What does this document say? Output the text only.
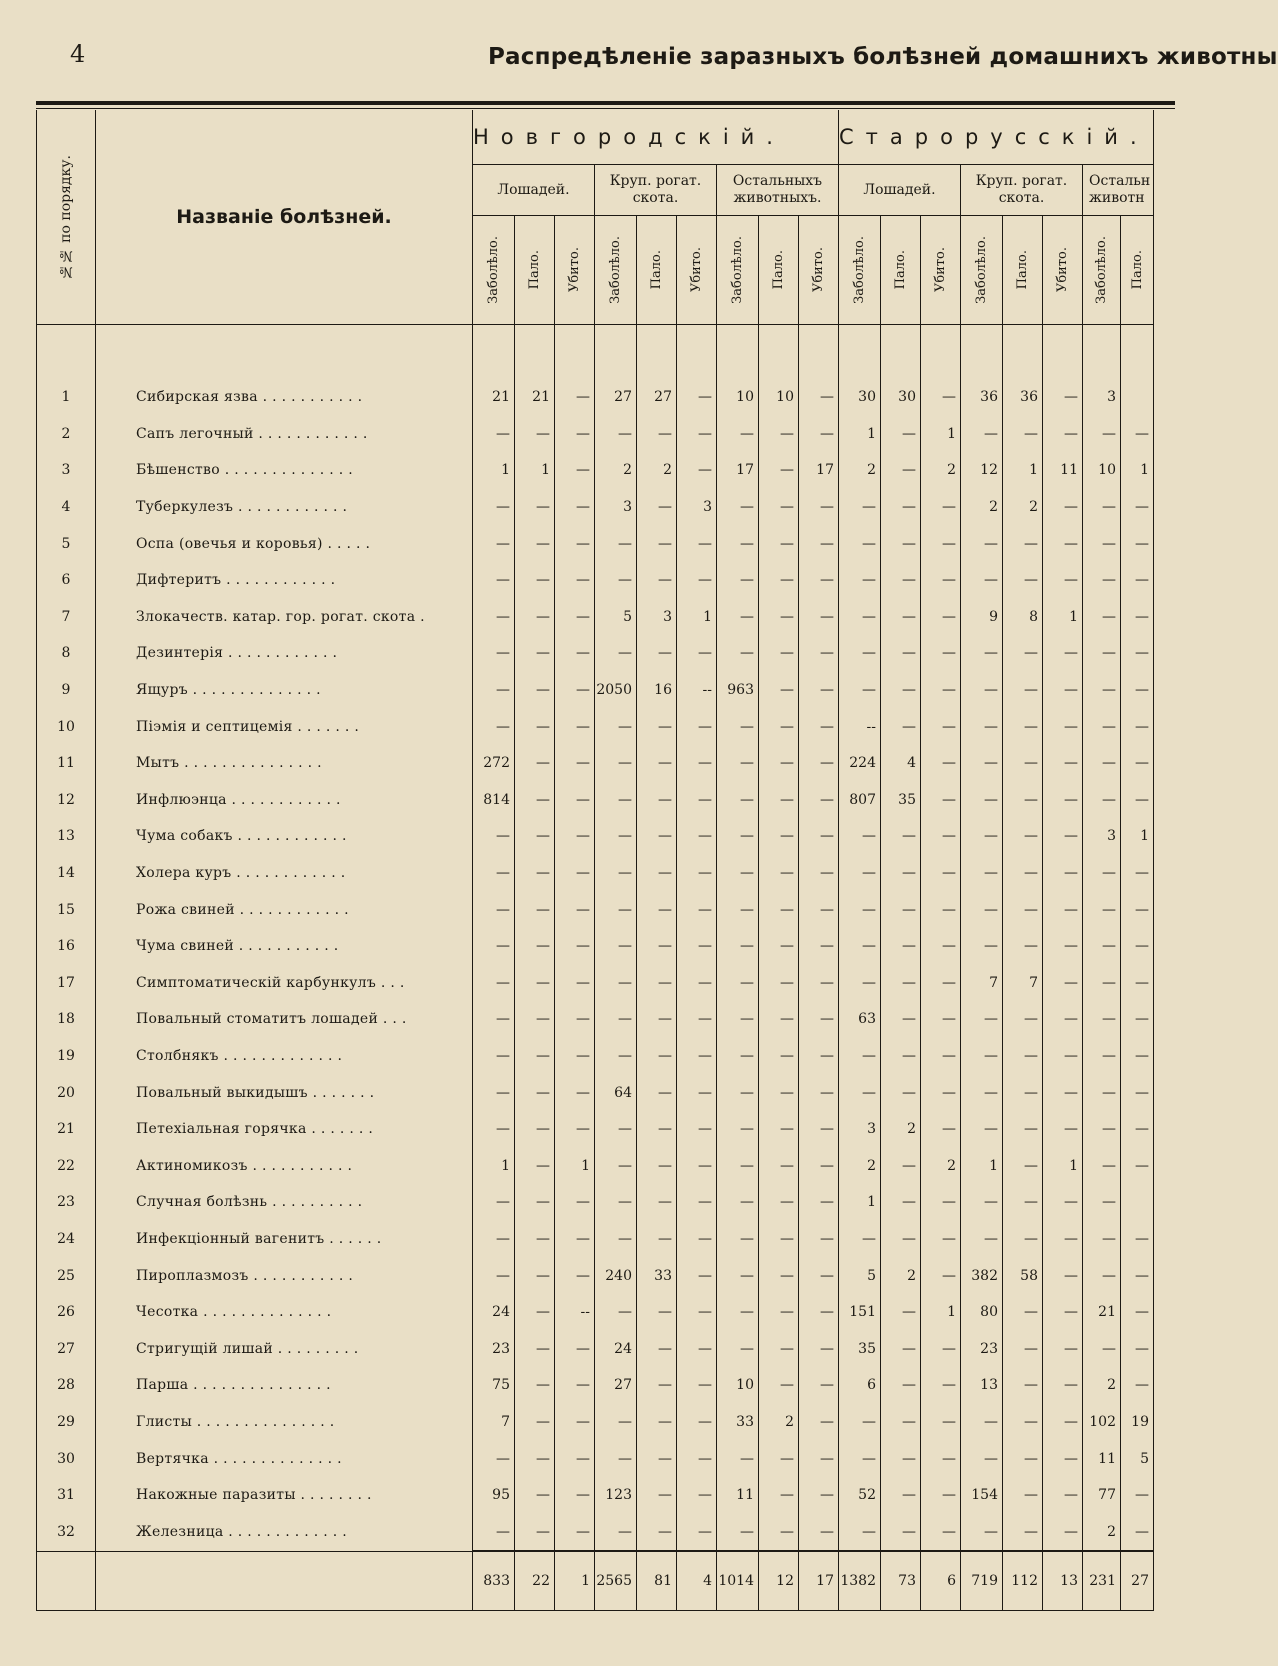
4	Распредѣленіе заразныхъ болѣзней домашнихъ животны
№№ по порядку.	Названіе болѣзней.	Новгородскій.									Старорусскій.							
		Лошадей.			Круп. рогат.
скота.			Остальныхъ
животныхъ.			Лошадей.			Круп. рогат.
скота.			Остальн
животн	

		Заболѣло.	Пало.	Убито.	Заболѣло.	Пало.	Убито.	Заболѣло.	Пало.	Убито.	Заболѣло.	Пало.	Убито.	Заболѣло.	Пало.	Убито.	Заболѣло.	Пало.

1	Сибирская язва . . . . . . . . . . .	21	21	—	27	27	—	10	10	—	30	30	—	36	36	—	3	
2	Сапъ легочный . . . . . . . . . . . .	—	—	—	—	—	—	—	—	—	1	—	1	—	—	—	—	—
3	Бѣшенство . . . . . . . . . . . . . .	1	1	—	2	2	—	17	—	17	2	—	2	12	1	11	10	1
4	Туберкулезъ . . . . . . . . . . . .	—	—	—	3	—	3	—	—	—	—	—	—	2	2	—	—	—
5	Оспа (овечья и коровья) . . . . .	—	—	—	—	—	—	—	—	—	—	—	—	—	—	—	—	—
6	Дифтеритъ . . . . . . . . . . . .	—	—	—	—	—	—	—	—	—	—	—	—	—	—	—	—	—
7	Злокачеств. катар. гор. рогат. скота .	—	—	—	5	3	1	—	—	—	—	—	—	9	8	1	—	—
8	Дезинтерія . . . . . . . . . . . .	—	—	—	—	—	—	—	—	—	—	—	—	—	—	—	—	—
9	Ящуръ . . . . . . . . . . . . . .	—	—	—	2050	16	--	963	—	—	—	—	—	—	—	—	—	—
10	Піэмія и септицемія . . . . . . .	—	—	—	—	—	—	—	—	—	--	—	—	—	—	—	—	—
11	Мытъ . . . . . . . . . . . . . . .	272	—	—	—	—	—	—	—	—	224	4	—	—	—	—	—	—
12	Инфлюэнца . . . . . . . . . . . .	814	—	—	—	—	—	—	—	—	807	35	—	—	—	—	—	—
13	Чума собакъ . . . . . . . . . . . .	—	—	—	—	—	—	—	—	—	—	—	—	—	—	—	3	1
14	Холера куръ . . . . . . . . . . . .	—	—	—	—	—	—	—	—	—	—	—	—	—	—	—	—	—
15	Рожа свиней . . . . . . . . . . . .	—	—	—	—	—	—	—	—	—	—	—	—	—	—	—	—	—
16	Чума свиней . . . . . . . . . . .	—	—	—	—	—	—	—	—	—	—	—	—	—	—	—	—	—
17	Симптоматическій карбункулъ . . .	—	—	—	—	—	—	—	—	—	—	—	—	7	7	—	—	—
18	Повальный стоматитъ лошадей . . .	—	—	—	—	—	—	—	—	—	63	—	—	—	—	—	—	—
19	Столбнякъ . . . . . . . . . . . . .	—	—	—	—	—	—	—	—	—	—	—	—	—	—	—	—	—
20	Повальный выкидышъ . . . . . . .	—	—	—	64	—	—	—	—	—	—	—	—	—	—	—	—	—
21	Петехіальная горячка . . . . . . .	—	—	—	—	—	—	—	—	—	3	2	—	—	—	—	—	—
22	Актиномикозъ . . . . . . . . . . .	1	—	1	—	—	—	—	—	—	2	—	2	1	—	1	—	—
23	Случная болѣзнь . . . . . . . . . .	—	—	—	—	—	—	—	—	—	1	—	—	—	—	—	—	
24	Инфекціонный вагенитъ . . . . . .	—	—	—	—	—	—	—	—	—	—	—	—	—	—	—	—	—
25	Пироплазмозъ . . . . . . . . . . .	—	—	—	240	33	—	—	—	—	5	2	—	382	58	—	—	—
26	Чесотка . . . . . . . . . . . . . .	24	—	--	—	—	—	—	—	—	151	—	1	80	—	—	21	—
27	Стригущій лишай . . . . . . . . .	23	—	—	24	—	—	—	—	—	35	—	—	23	—	—	—	—
28	Парша . . . . . . . . . . . . . . .	75	—	—	27	—	—	10	—	—	6	—	—	13	—	—	2	—
29	Глисты . . . . . . . . . . . . . . .	7	—	—	—	—	—	33	2	—	—	—	—	—	—	—	102	19
30	Вертячка . . . . . . . . . . . . . .	—	—	—	—	—	—	—	—	—	—	—	—	—	—	—	11	5
31	Накожные паразиты . . . . . . . .	95	—	—	123	—	—	11	—	—	52	—	—	154	—	—	77	—
32	Железница . . . . . . . . . . . . .	—	—	—	—	—	—	—	—	—	—	—	—	—	—	—	2	—
		833	22	1	2565	81	4	1014	12	17	1382	73	6	719	112	13	231	27
